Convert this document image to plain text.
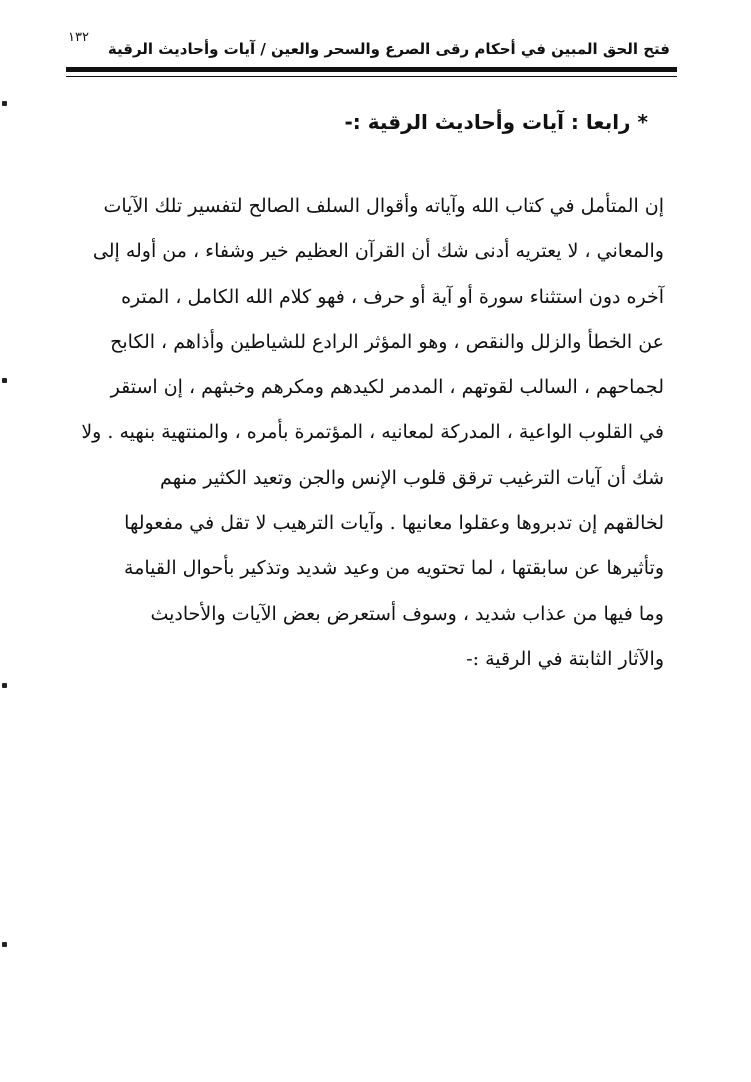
١٣٢
فتح الحق المبين في أحكام رقى الصرع والسحر والعين / آيات وأحاديث الرقية
* رابعا : آيات وأحاديث الرقية :-
إن المتأمل في كتاب الله وآياته وأقوال السلف الصالح لتفسير تلك الآيات
والمعاني ، لا يعتريه أدنى شك أن القرآن العظيم خير وشفاء ، من أوله إلى
آخره دون استثناء سورة أو آية أو حرف ، فهو كلام الله الكامل ، المتره
عن الخطأ والزلل والنقص ، وهو المؤثر الرادع للشياطين وأذاهم ، الكابح
لجماحهم ، السالب لقوتهم ، المدمر لكيدهم ومكرهم وخبثهم ، إن استقر
في القلوب الواعية ، المدركة لمعانيه ، المؤتمرة بأمره ، والمنتهية بنهيه . ولا
شك أن آيات الترغيب ترقق قلوب الإنس والجن وتعيد الكثير منهم
لخالقهم إن تدبروها وعقلوا معانيها . وآيات الترهيب لا تقل في مفعولها
وتأثيرها عن سابقتها ، لما تحتويه من وعيد شديد وتذكير بأحوال القيامة
وما فيها من عذاب شديد ، وسوف أستعرض بعض الآيات والأحاديث
والآثار الثابتة في الرقية :-
